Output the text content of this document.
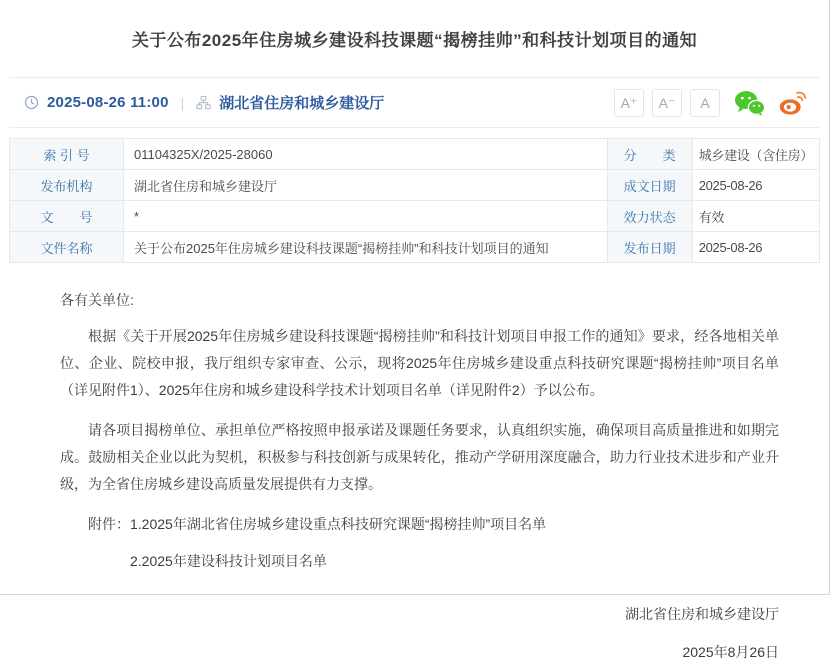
关于公布2025年住房城乡建设科技课题“揭榜挂帅”和科技计划项目的通知
2025-08-26 11:00 | 湖北省住房和城乡建设厅	A⁺	A⁻	A
索 引 号	01104325X/2025-28060	分　　类	城乡建设（含住房）
发布机构	湖北省住房和城乡建设厅	成文日期	2025-08-26
文　　号	*	效力状态	有效
文件名称	关于公布2025年住房城乡建设科技课题“揭榜挂帅”和科技计划项目的通知	发布日期	2025-08-26

各有关单位:

根据《关于开展2025年住房城乡建设科技课题“揭榜挂帅”和科技计划项目申报工作的通知》要求，经各地相关单位、企业、院校申报，我厅组织专家审查、公示，现将2025年住房城乡建设重点科技研究课题“揭榜挂帅”项目名单（详见附件1）、2025年住房和城乡建设科学技术计划项目名单（详见附件2）予以公布。

请各项目揭榜单位、承担单位严格按照申报承诺及课题任务要求，认真组织实施，确保项目高质量推进和如期完成。鼓励相关企业以此为契机，积极参与科技创新与成果转化，推动产学研用深度融合，助力行业技术进步和产业升级，为全省住房城乡建设高质量发展提供有力支撑。

附件：1.2025年湖北省住房城乡建设重点科技研究课题“揭榜挂帅”项目名单

2.2025年建设科技计划项目名单

湖北省住房和城乡建设厅

2025年8月26日
